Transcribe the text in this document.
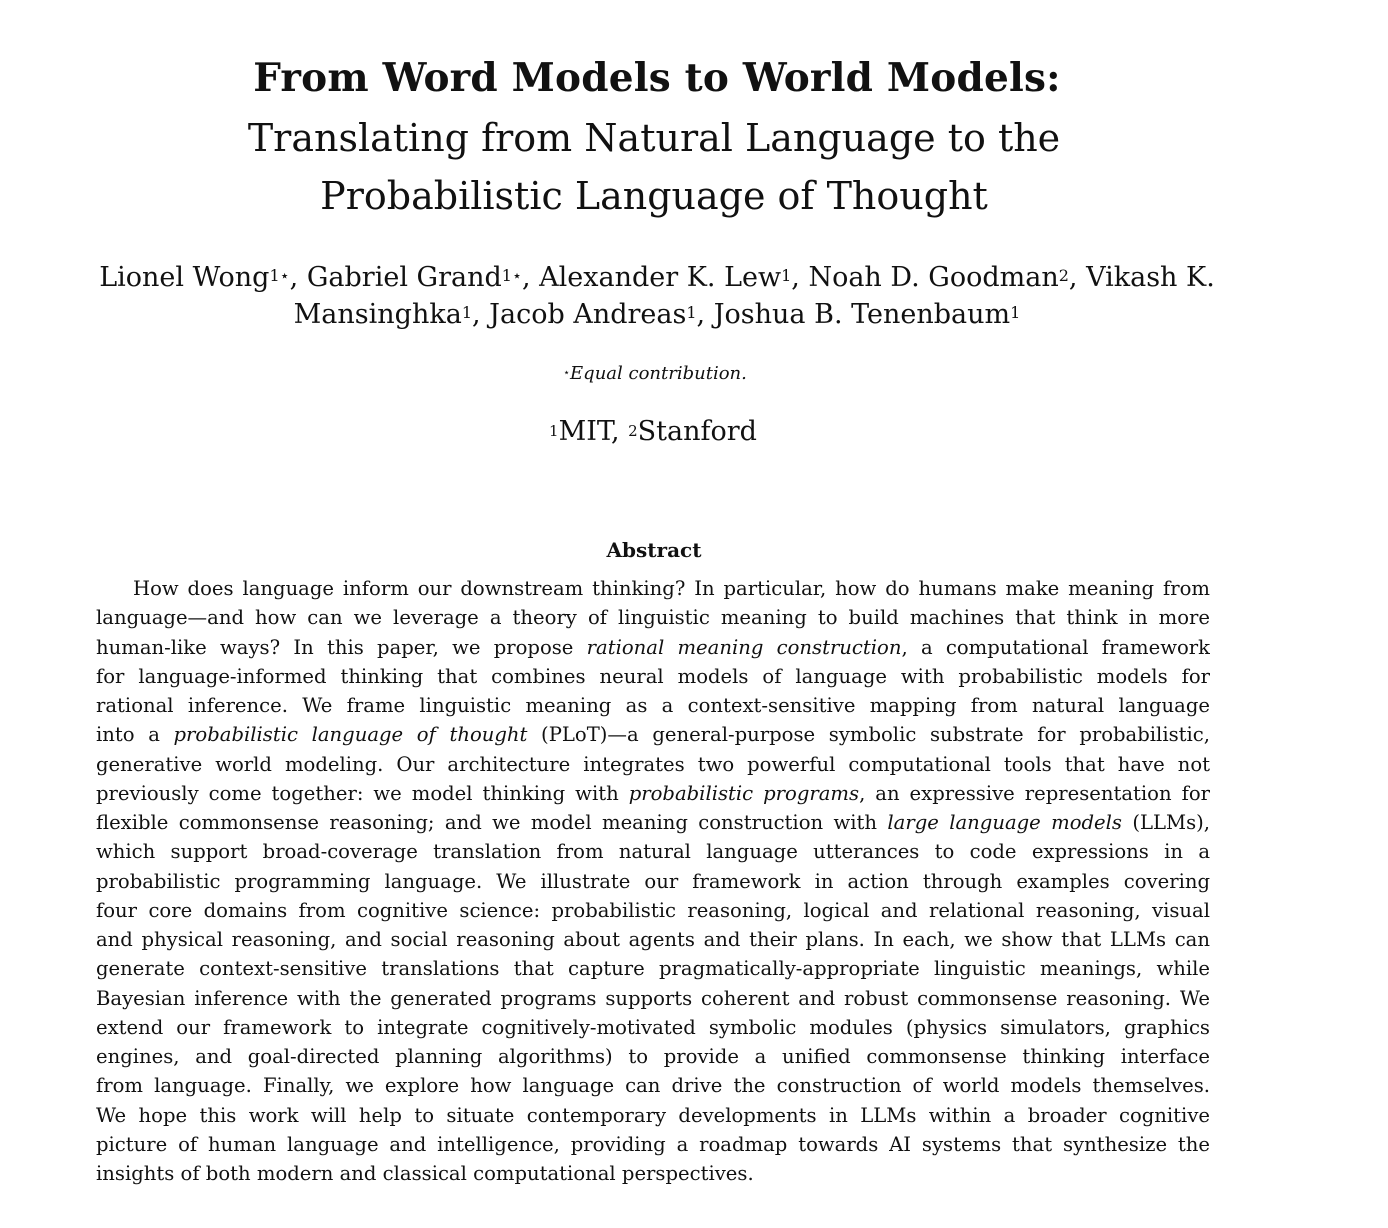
From Word Models to World Models:
Translating from Natural Language to the
Probabilistic Language of Thought
Lionel Wong$^{1⋆}$, Gabriel Grand$^{1⋆}$, Alexander K. Lew$^1$, Noah D. Goodman$^2$, Vikash K.
Mansinghka$^1$, Jacob Andreas$^1$, Joshua B. Tenenbaum$^1$
⋆Equal contribution.
$^1$MIT, $^2$Stanford
Abstract
How does language inform our downstream thinking? In particular, how do humans make meaning from
language—and how can we leverage a theory of linguistic meaning to build machines that think in more
human-like ways? In this paper, we propose rational meaning construction, a computational framework
for language-informed thinking that combines neural models of language with probabilistic models for
rational inference. We frame linguistic meaning as a context-sensitive mapping from natural language
into a probabilistic language of thought (PLoT)—a general-purpose symbolic substrate for probabilistic,
generative world modeling. Our architecture integrates two powerful computational tools that have not
previously come together: we model thinking with probabilistic programs, an expressive representation for
flexible commonsense reasoning; and we model meaning construction with large language models (LLMs),
which support broad-coverage translation from natural language utterances to code expressions in a
probabilistic programming language. We illustrate our framework in action through examples covering
four core domains from cognitive science: probabilistic reasoning, logical and relational reasoning, visual
and physical reasoning, and social reasoning about agents and their plans. In each, we show that LLMs can
generate context-sensitive translations that capture pragmatically-appropriate linguistic meanings, while
Bayesian inference with the generated programs supports coherent and robust commonsense reasoning. We
extend our framework to integrate cognitively-motivated symbolic modules (physics simulators, graphics
engines, and goal-directed planning algorithms) to provide a unified commonsense thinking interface
from language. Finally, we explore how language can drive the construction of world models themselves.
We hope this work will help to situate contemporary developments in LLMs within a broader cognitive
picture of human language and intelligence, providing a roadmap towards AI systems that synthesize the
insights of both modern and classical computational perspectives.
